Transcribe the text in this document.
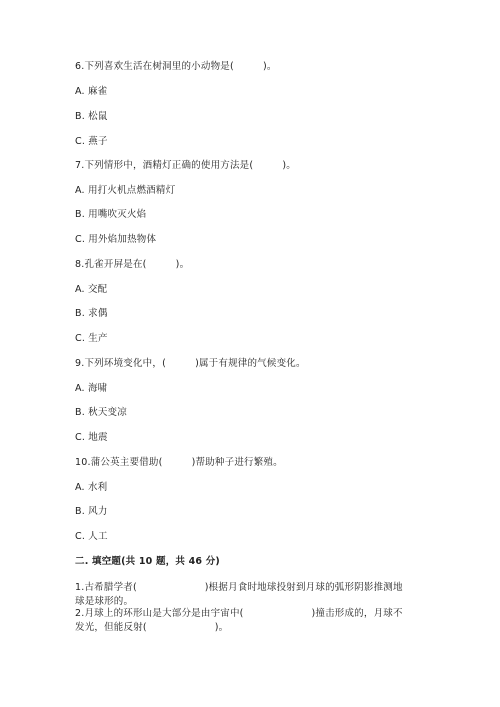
6.下列喜欢生活在树洞里的小动物是(　　　)。
A. 麻雀
B. 松鼠
C. 燕子
7.下列情形中，酒精灯正确的使用方法是(　　　)。
A. 用打火机点燃酒精灯
B. 用嘴吹灭火焰
C. 用外焰加热物体
8.孔雀开屏是在(　　　)。
A. 交配
B. 求偶
C. 生产
9.下列环境变化中，(　　　)属于有规律的气候变化。
A. 海啸
B. 秋天变凉
C. 地震
10.蒲公英主要借助(　　　)帮助种子进行繁殖。
A. 水利
B. 风力
C. 人工
二. 填空题(共 10 题，共 46 分)
1.古希腊学者(　　　　　　　)根据月食时地球投射到月球的弧形阴影推测地
球是球形的。
2.月球上的环形山是大部分是由宇宙中(　　　　　　　)撞击形成的，月球不
发光，但能反射(　　　　　　　)。
